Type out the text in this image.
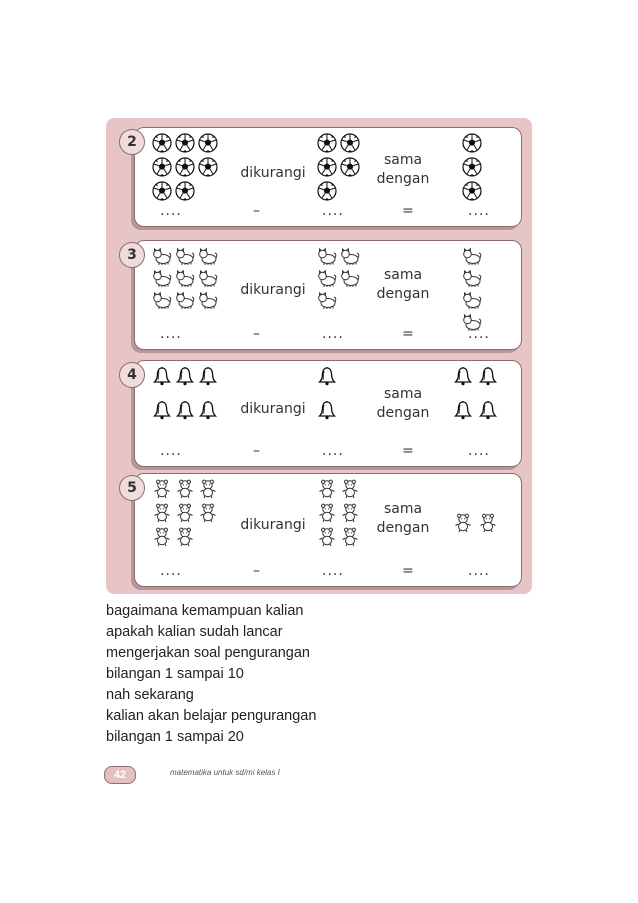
2
dikurangi
sama
dengan
....	–	....	=	....
3
dikurangi
sama
dengan
....	–	....	=	....
4
dikurangi
sama
dengan
....	–	....	=	....
5
dikurangi
sama
dengan
....	–	....	=	....
bagaimana kemampuan kalian
apakah kalian sudah lancar
mengerjakan soal pengurangan
bilangan 1 sampai 10
nah sekarang
kalian akan belajar pengurangan
bilangan 1 sampai 20
42	matematika untuk sd/mi kelas I
